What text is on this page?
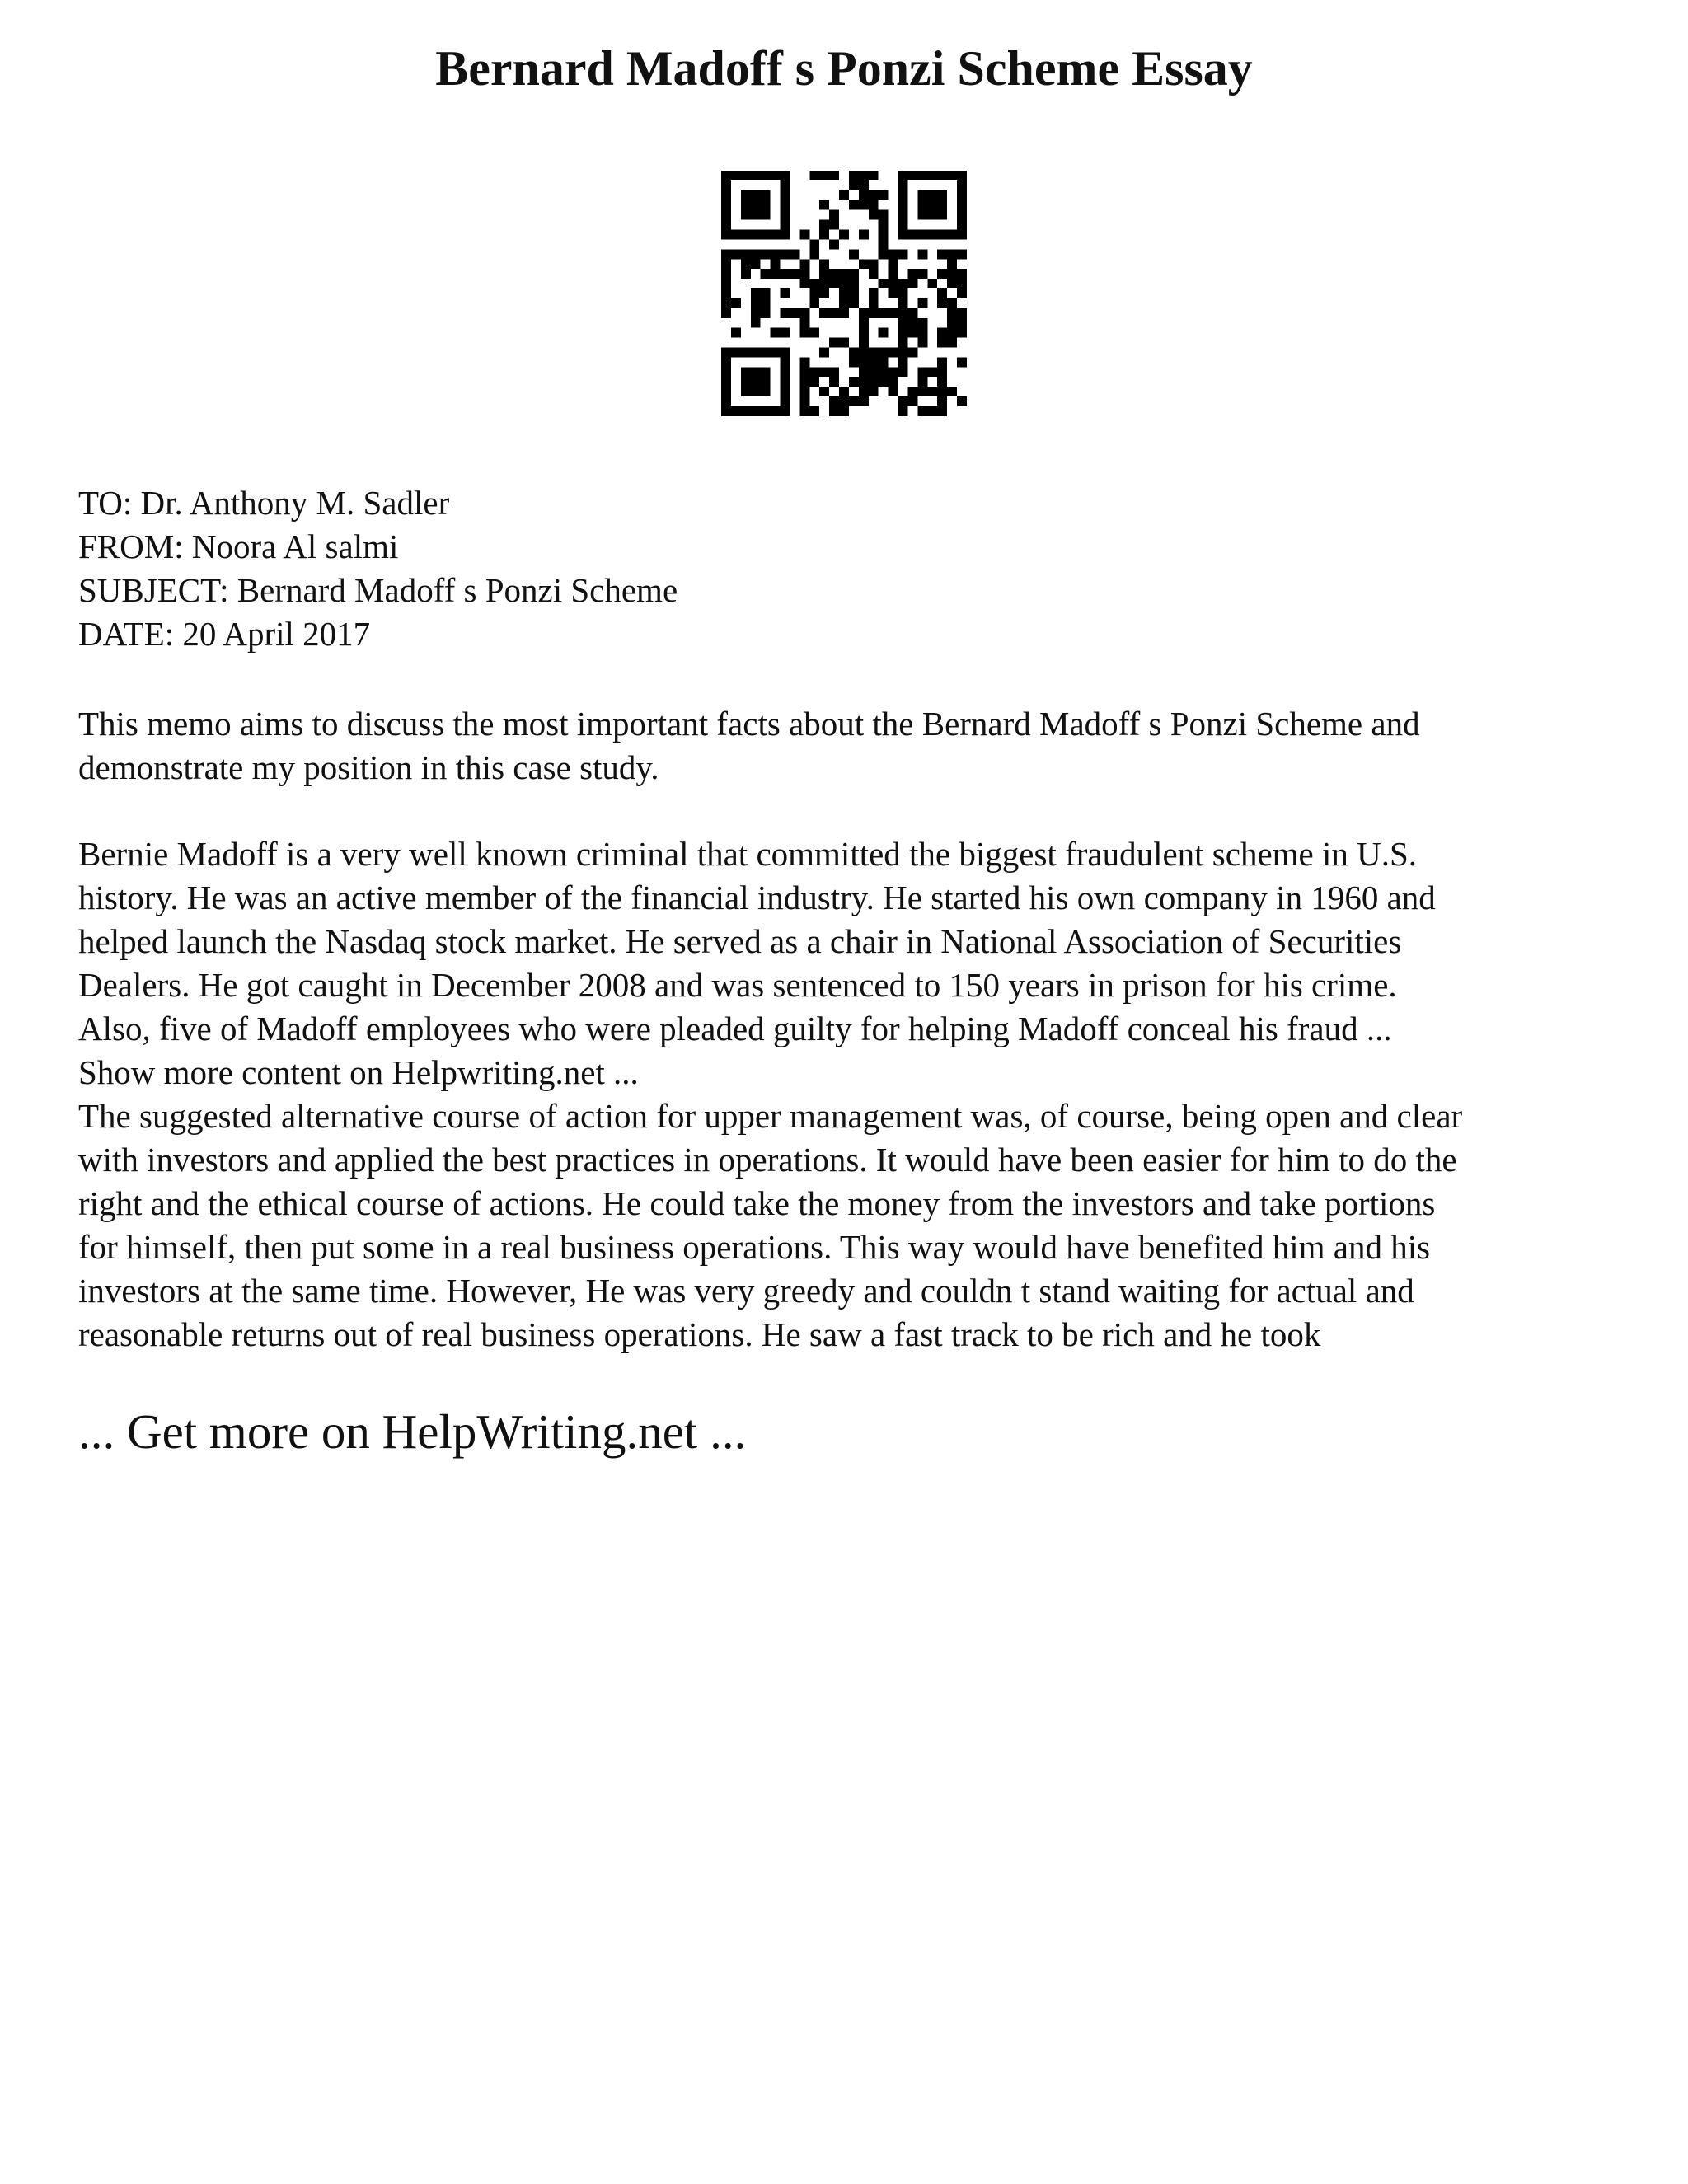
Bernard Madoff s Ponzi Scheme Essay
TO: Dr. Anthony M. Sadler
FROM: Noora Al salmi
SUBJECT: Bernard Madoff s Ponzi Scheme
DATE: 20 April 2017
This memo aims to discuss the most important facts about the Bernard Madoff s Ponzi Scheme and
demonstrate my position in this case study.
Bernie Madoff is a very well known criminal that committed the biggest fraudulent scheme in U.S.
history. He was an active member of the financial industry. He started his own company in 1960 and
helped launch the Nasdaq stock market. He served as a chair in National Association of Securities
Dealers. He got caught in December 2008 and was sentenced to 150 years in prison for his crime.
Also, five of Madoff employees who were pleaded guilty for helping Madoff conceal his fraud ...
Show more content on Helpwriting.net ...
The suggested alternative course of action for upper management was, of course, being open and clear
with investors and applied the best practices in operations. It would have been easier for him to do the
right and the ethical course of actions. He could take the money from the investors and take portions
for himself, then put some in a real business operations. This way would have benefited him and his
investors at the same time. However, He was very greedy and couldn t stand waiting for actual and
reasonable returns out of real business operations. He saw a fast track to be rich and he took
... Get more on HelpWriting.net ...
